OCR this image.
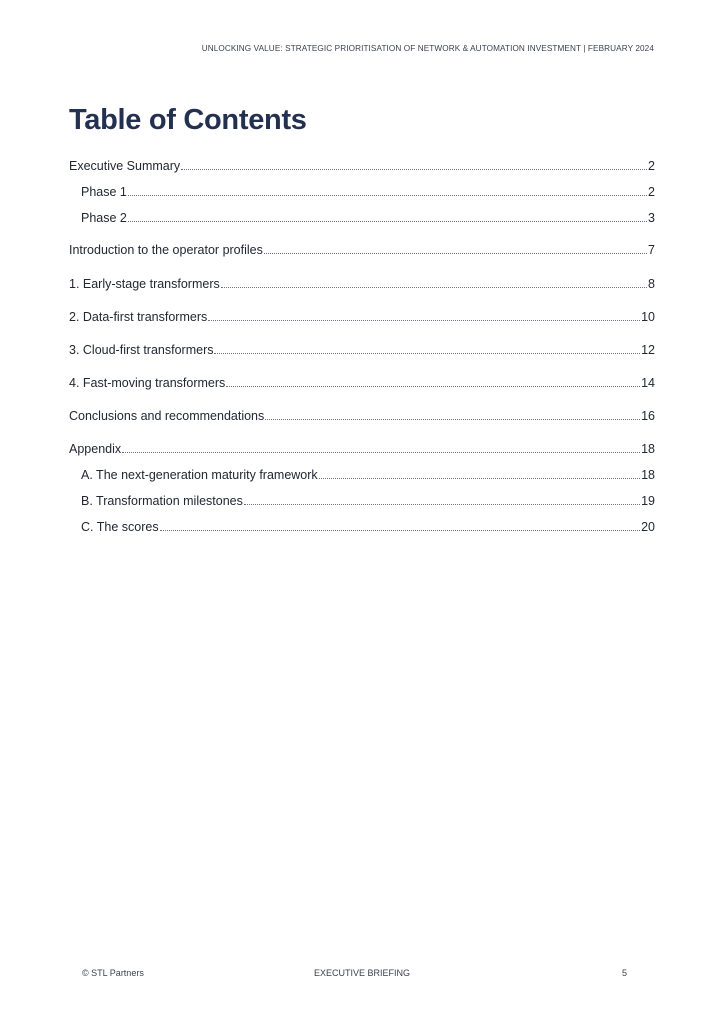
UNLOCKING VALUE: STRATEGIC PRIORITISATION OF NETWORK & AUTOMATION INVESTMENT | FEBRUARY 2024
Table of Contents
Executive Summary	2
Phase 1	2
Phase 2	3
Introduction to the operator profiles	7
1. Early-stage transformers	8
2. Data-first transformers	10
3. Cloud-first transformers	12
4. Fast-moving transformers	14
Conclusions and recommendations	16
Appendix	18
A. The next-generation maturity framework	18
B. Transformation milestones	19
C. The scores	20
© STL Partners	EXECUTIVE BRIEFING	5
